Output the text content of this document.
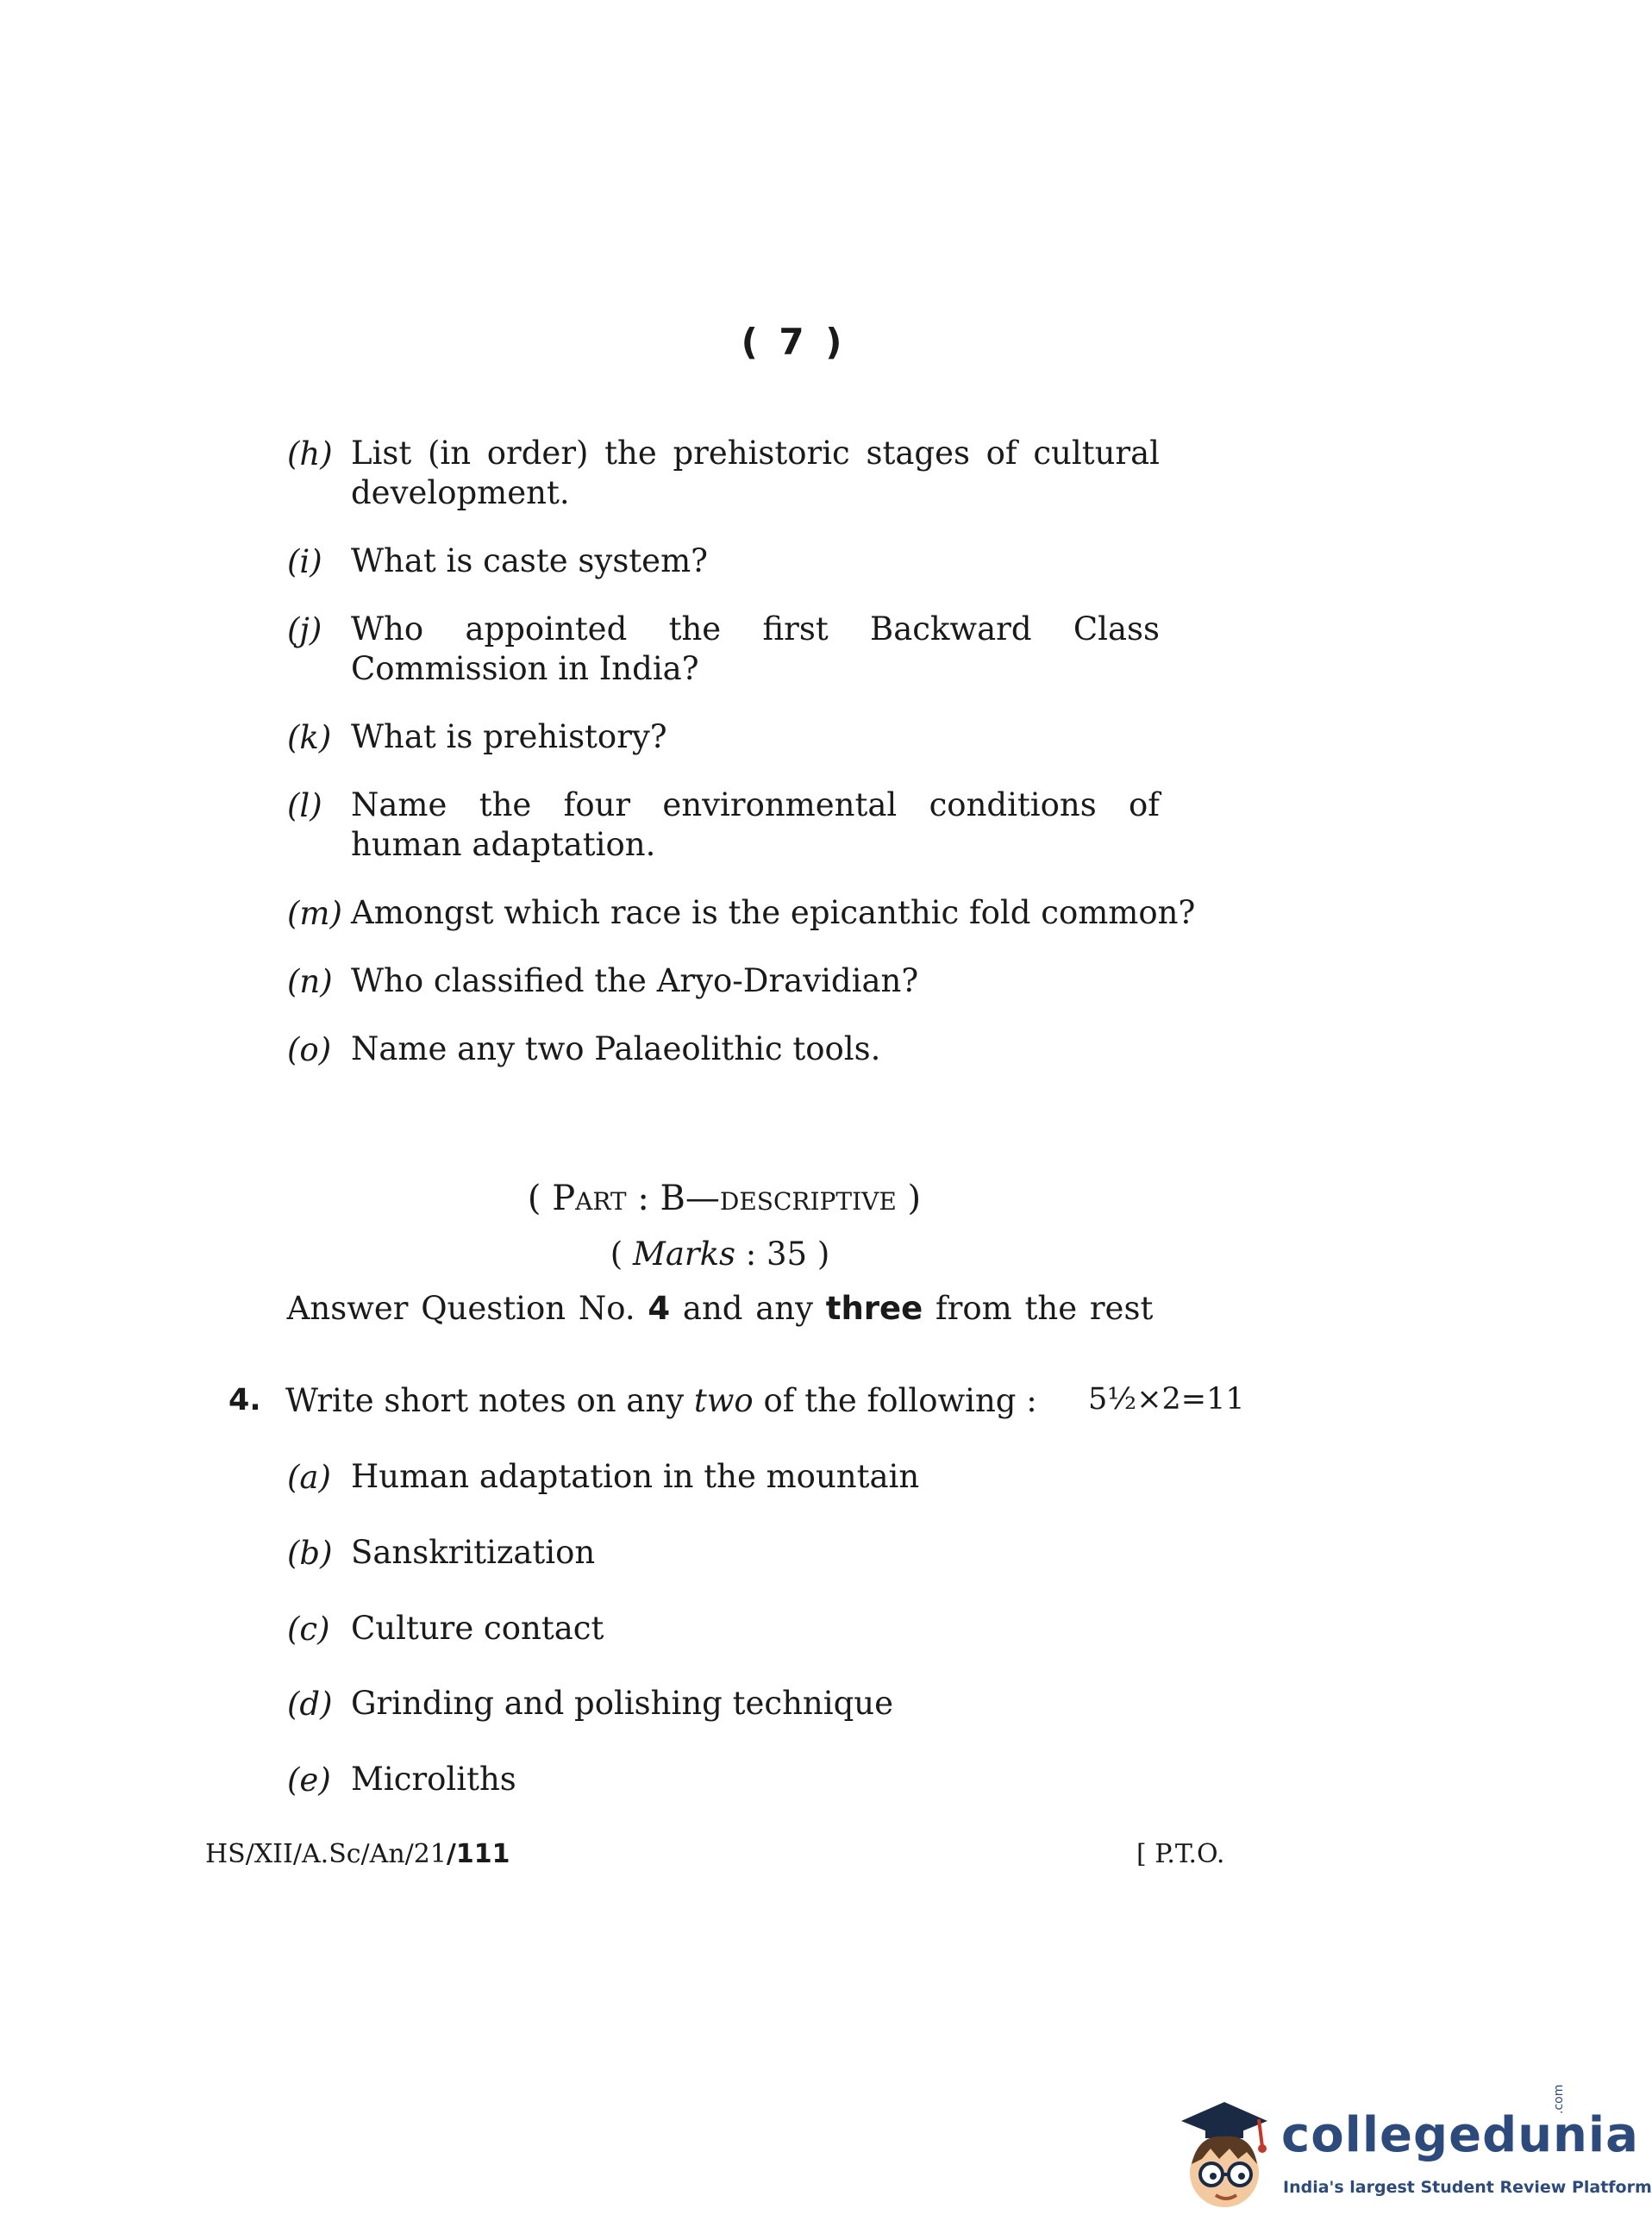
( 7 )
(h) List (in order) the prehistoric stages of cultural development.
(i) What is caste system?
(j) Who appointed the first Backward Class Commission in India?
(k) What is prehistory?
(l) Name the four environmental conditions of human adaptation.
(m) Amongst which race is the epicanthic fold common?
(n) Who classified the Aryo-Dravidian?
(o) Name any two Palaeolithic tools.
( Part : B—descriptive )
( Marks : 35 )
Answer Question No. 4 and any three from the rest
4. Write short notes on any two of the following : 5½×2=11
(a) Human adaptation in the mountain
(b) Sanskritization
(c) Culture contact
(d) Grinding and polishing technique
(e) Microliths
HS/XII/A.Sc/An/21/111	[ P.T.O.
collegedunia
.com
India's largest Student Review Platform
